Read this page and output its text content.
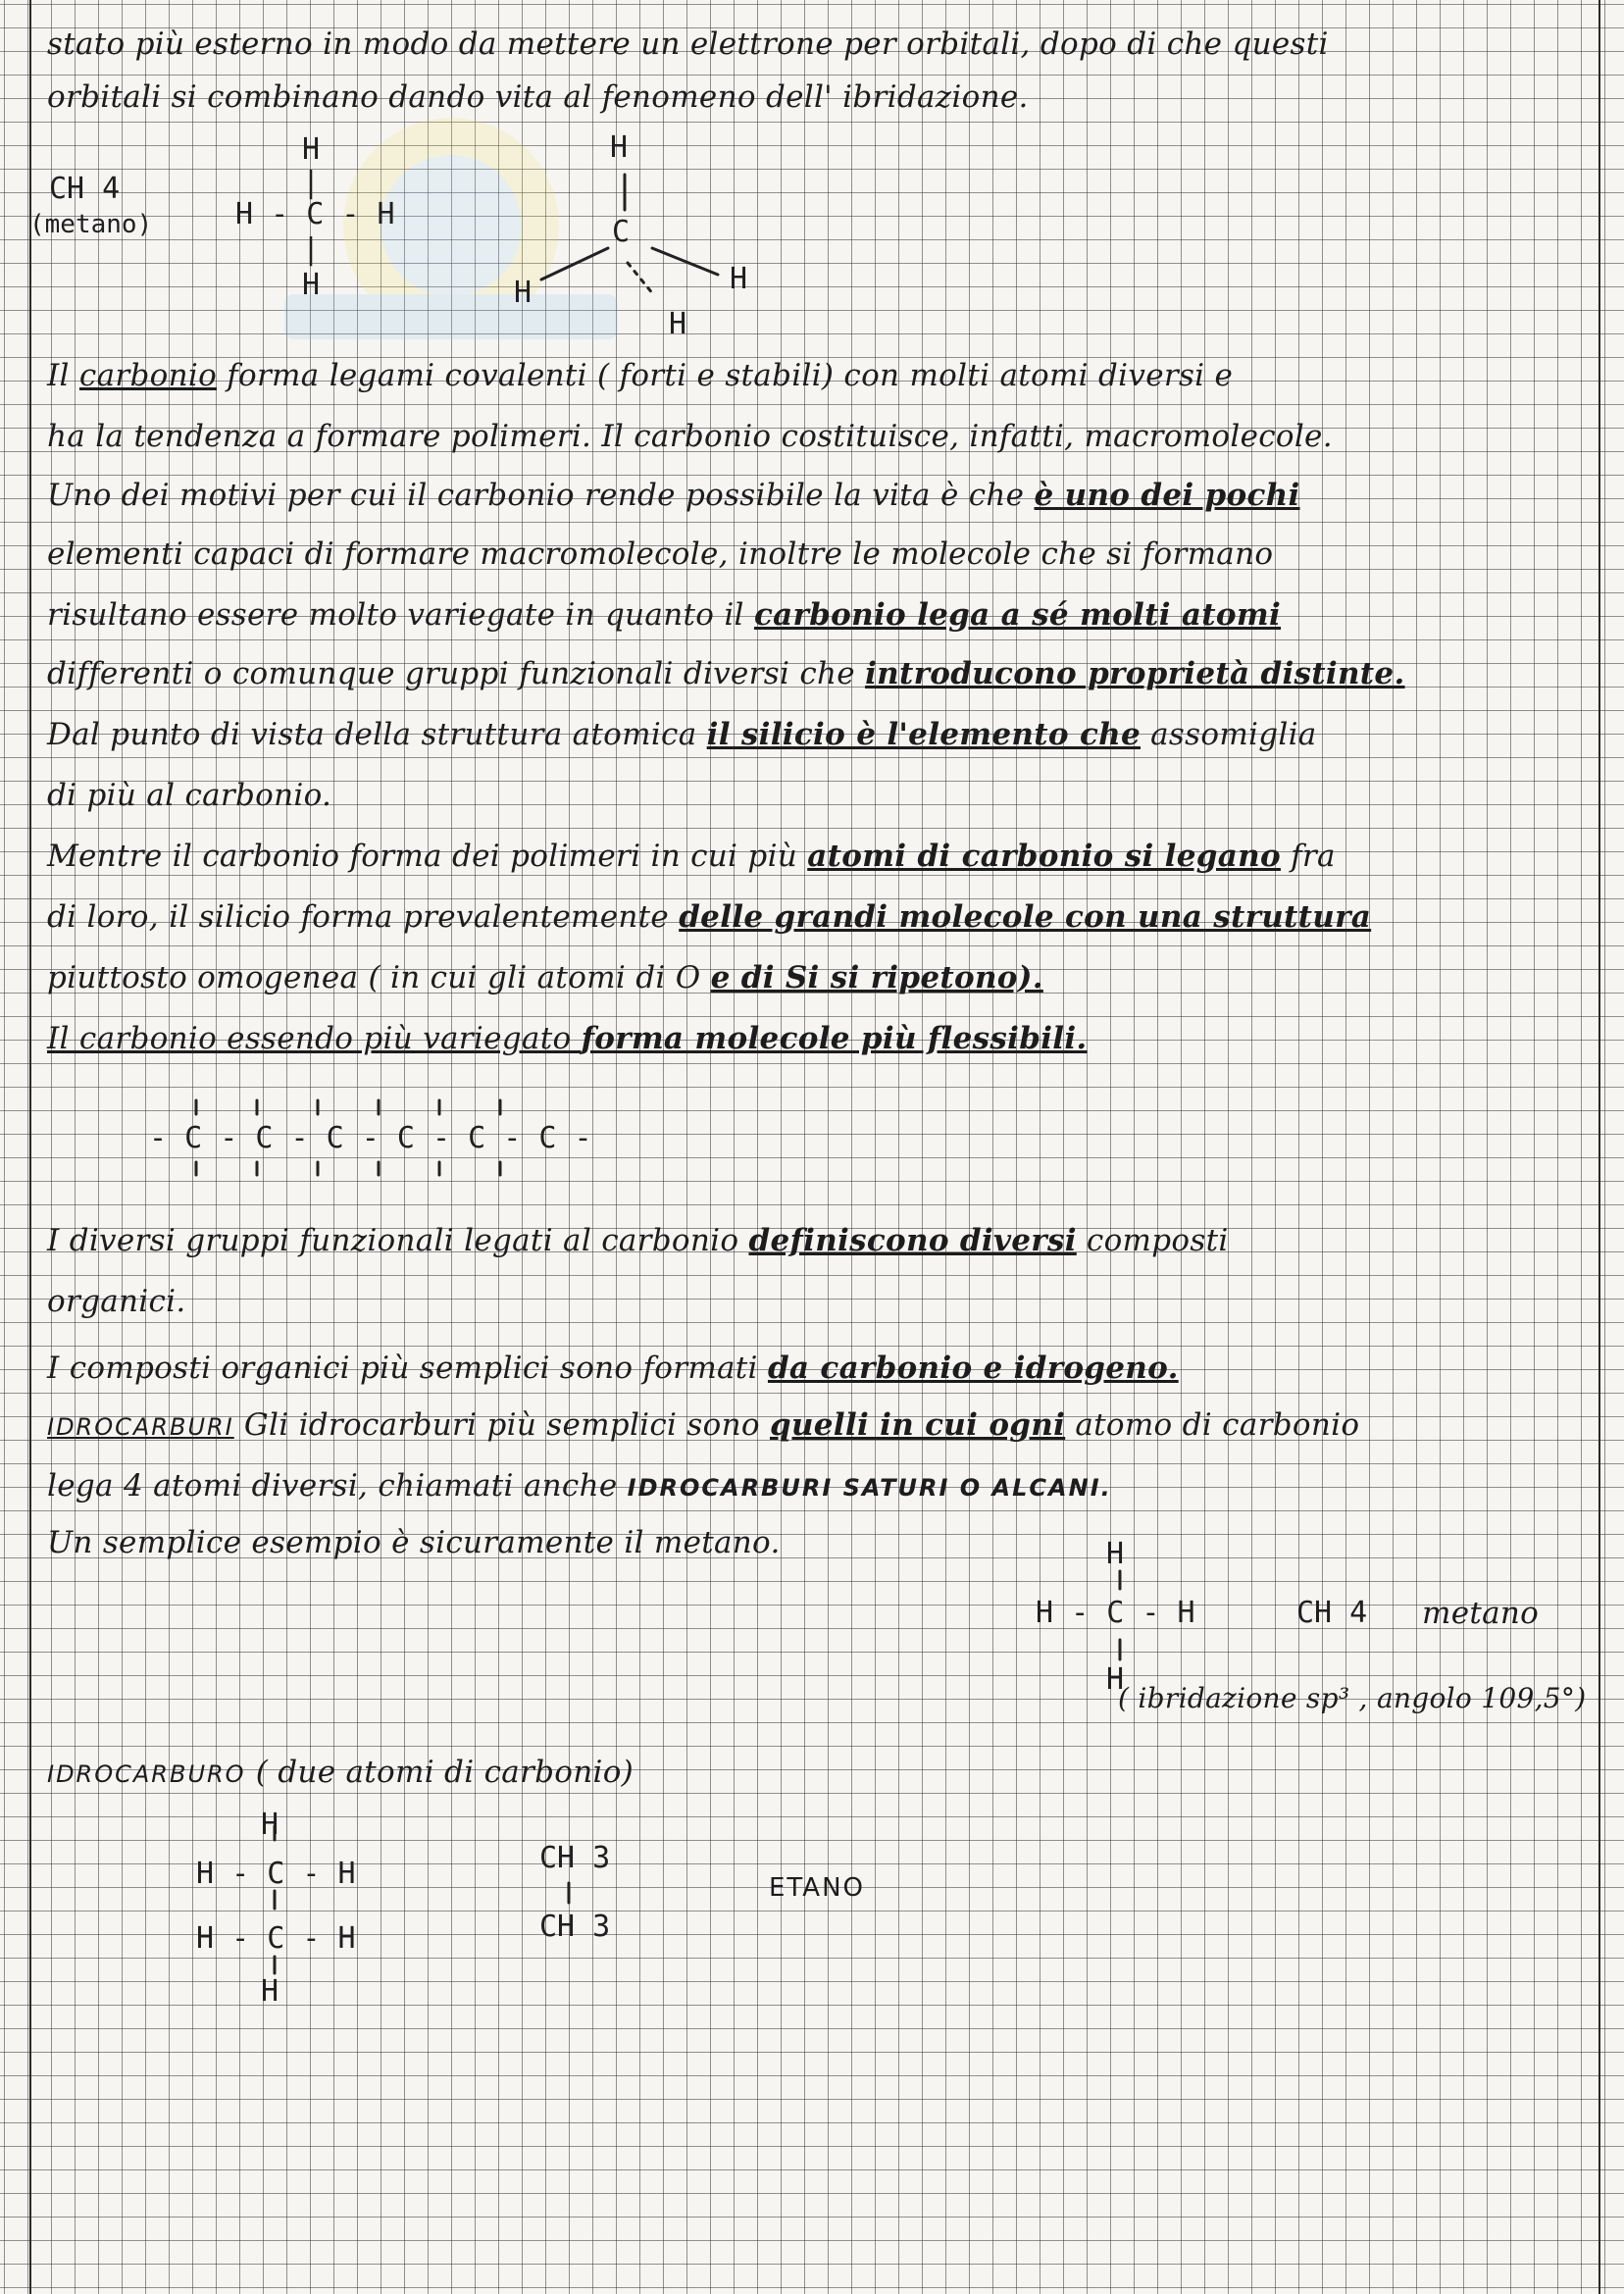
stato più esterno in modo da mettere un elettrone per orbitali, dopo di che questi

orbitali si combinano dando vita al fenomeno dell' ibridazione.

CH 4

(metano)

H

|

H - C - H

|

H

H

C

H	H

H

Il carbonio forma legami covalenti ( forti e stabili) con molti atomi diversi e

ha la tendenza a formare polimeri. Il carbonio costituisce, infatti, macromolecole.

Uno dei motivi per cui il carbonio rende possibile la vita è che è uno dei pochi

elementi capaci di formare macromolecole, inoltre le molecole che si formano

risultano essere molto variegate in quanto il carbonio lega a sé molti atomi

differenti o comunque gruppi funzionali diversi che introducono proprietà distinte.

Dal punto di vista della struttura atomica il silicio è l'elemento che assomiglia

di più al carbonio.

Mentre il carbonio forma dei polimeri in cui più atomi di carbonio si legano fra

di loro, il silicio forma prevalentemente delle grandi molecole con una struttura

piuttosto omogenea ( in cui gli atomi di O e di Si si ripetono).

Il carbonio essendo più variegato forma molecole più flessibili.

- C - C - C - C - C - C -

I diversi gruppi funzionali legati al carbonio definiscono diversi composti

organici.

I composti organici più semplici sono formati da carbonio e idrogeno.

IDROCARBURI Gli idrocarburi più semplici sono quelli in cui ogni atomo di carbonio

lega 4 atomi diversi, chiamati anche IDROCARBURI SATURI O ALCANI.

Un semplice esempio è sicuramente il metano.	H

H - C - H

H

CH 4 metano

( ibridazione sp³ , angolo 109,5°)

IDROCARBURO ( due atomi di carbonio)

H

H - C - H

H - C - H

H

CH 3

CH 3

ETANO
